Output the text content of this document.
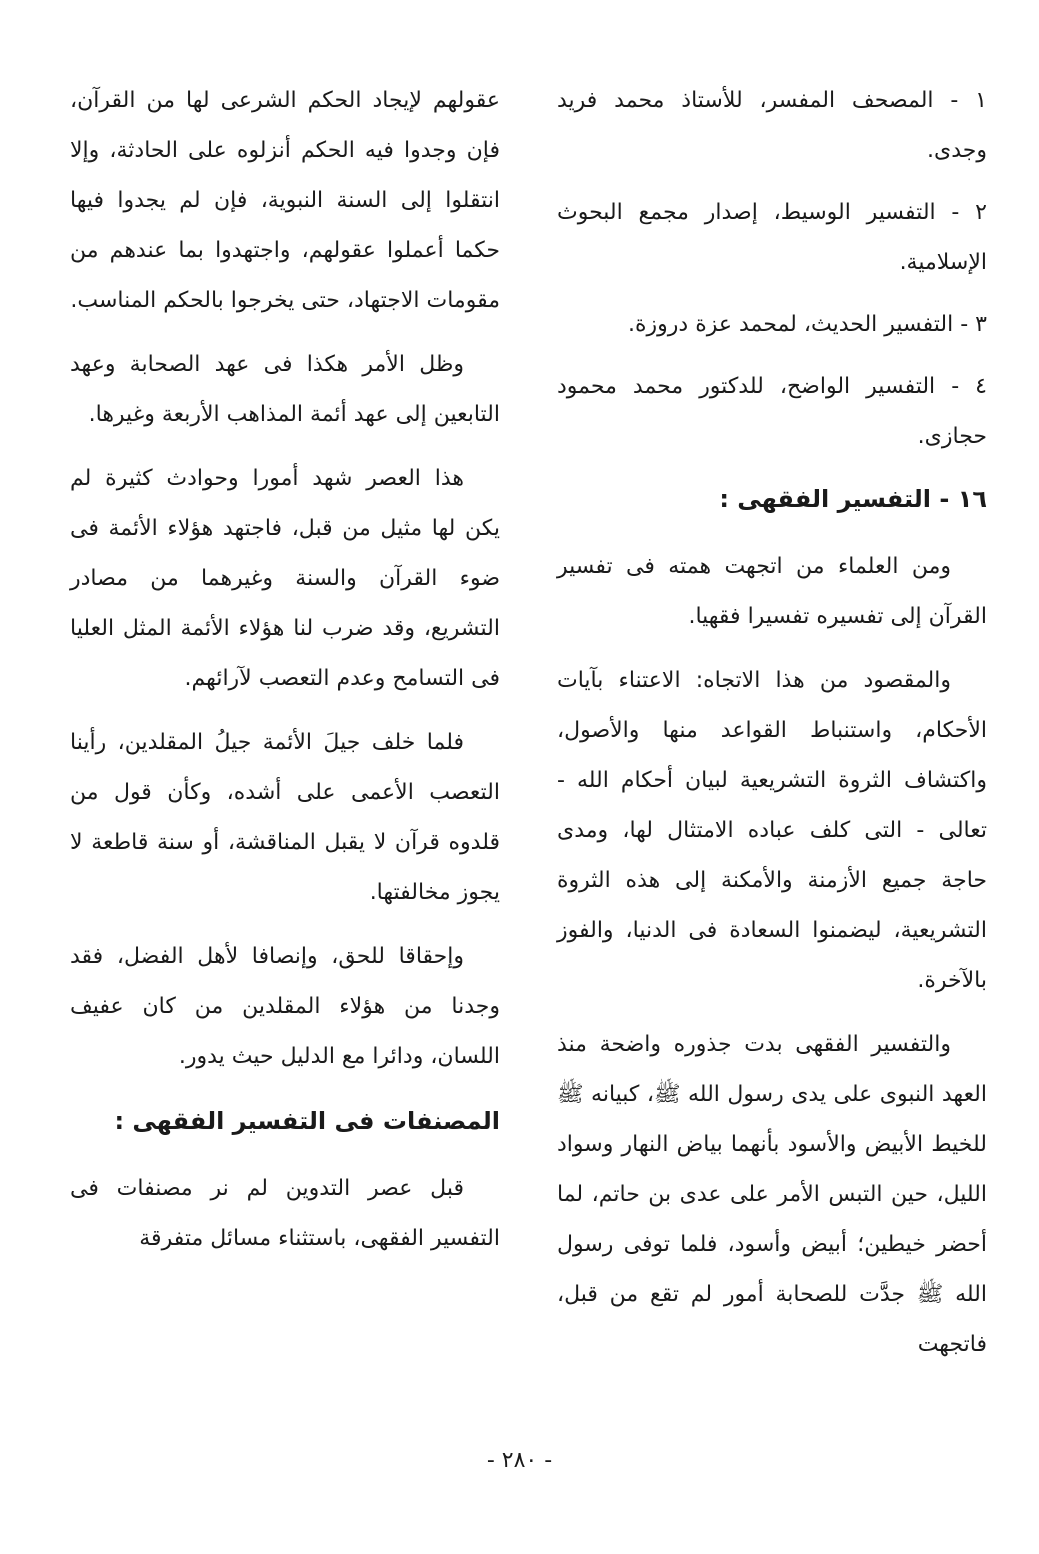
١ - المصحف المفسر، للأستاذ محمد فريد وجدى.

٢ - التفسير الوسيط، إصدار مجمع البحوث الإسلامية.

٣ - التفسير الحديث، لمحمد عزة دروزة.

٤ - التفسير الواضح، للدكتور محمد محمود حجازى.

١٦ - التفسير الفقهى :

ومن العلماء من اتجهت همته فى تفسير القرآن إلى تفسيره تفسيرا فقهيا.

والمقصود من هذا الاتجاه: الاعتناء بآيات الأحكام، واستنباط القواعد منها والأصول، واكتشاف الثروة التشريعية لبيان أحكام الله - تعالى - التى كلف عباده الامتثال لها، ومدى حاجة جميع الأزمنة والأمكنة إلى هذه الثروة التشريعية، ليضمنوا السعادة فى الدنيا، والفوز بالآخرة.

والتفسير الفقهى بدت جذوره واضحة منذ العهد النبوى على يدى رسول الله ﷺ، كبيانه ﷺ للخيط الأبيض والأسود بأنهما بياض النهار وسواد الليل، حين التبس الأمر على عدى بن حاتم، لما أحضر خيطين؛ أبيض وأسود، فلما توفى رسول الله ﷺ جدَّت للصحابة أمور لم تقع من قبل، فاتجهت

عقولهم لإيجاد الحكم الشرعى لها من القرآن، فإن وجدوا فيه الحكم أنزلوه على الحادثة، وإلا انتقلوا إلى السنة النبوية، فإن لم يجدوا فيها حكما أعملوا عقولهم، واجتهدوا بما عندهم من مقومات الاجتهاد، حتى يخرجوا بالحكم المناسب.

وظل الأمر هكذا فى عهد الصحابة وعهد التابعين إلى عهد أئمة المذاهب الأربعة وغيرها.

هذا العصر شهد أمورا وحوادث كثيرة لم يكن لها مثيل من قبل، فاجتهد هؤلاء الأئمة فى ضوء القرآن والسنة وغيرهما من مصادر التشريع، وقد ضرب لنا هؤلاء الأئمة المثل العليا فى التسامح وعدم التعصب لآرائهم.

فلما خلف جيلَ الأئمة جيلُ المقلدين، رأينا التعصب الأعمى على أشده، وكأن قول من قلدوه قرآن لا يقبل المناقشة، أو سنة قاطعة لا يجوز مخالفتها.

وإحقاقا للحق، وإنصافا لأهل الفضل، فقد وجدنا من هؤلاء المقلدين من كان عفيف اللسان، ودائرا مع الدليل حيث يدور.

المصنفات فى التفسير الفقهى :

قبل عصر التدوين لم نر مصنفات فى التفسير الفقهى، باستثناء مسائل متفرقة

- ٢٨٠ -
